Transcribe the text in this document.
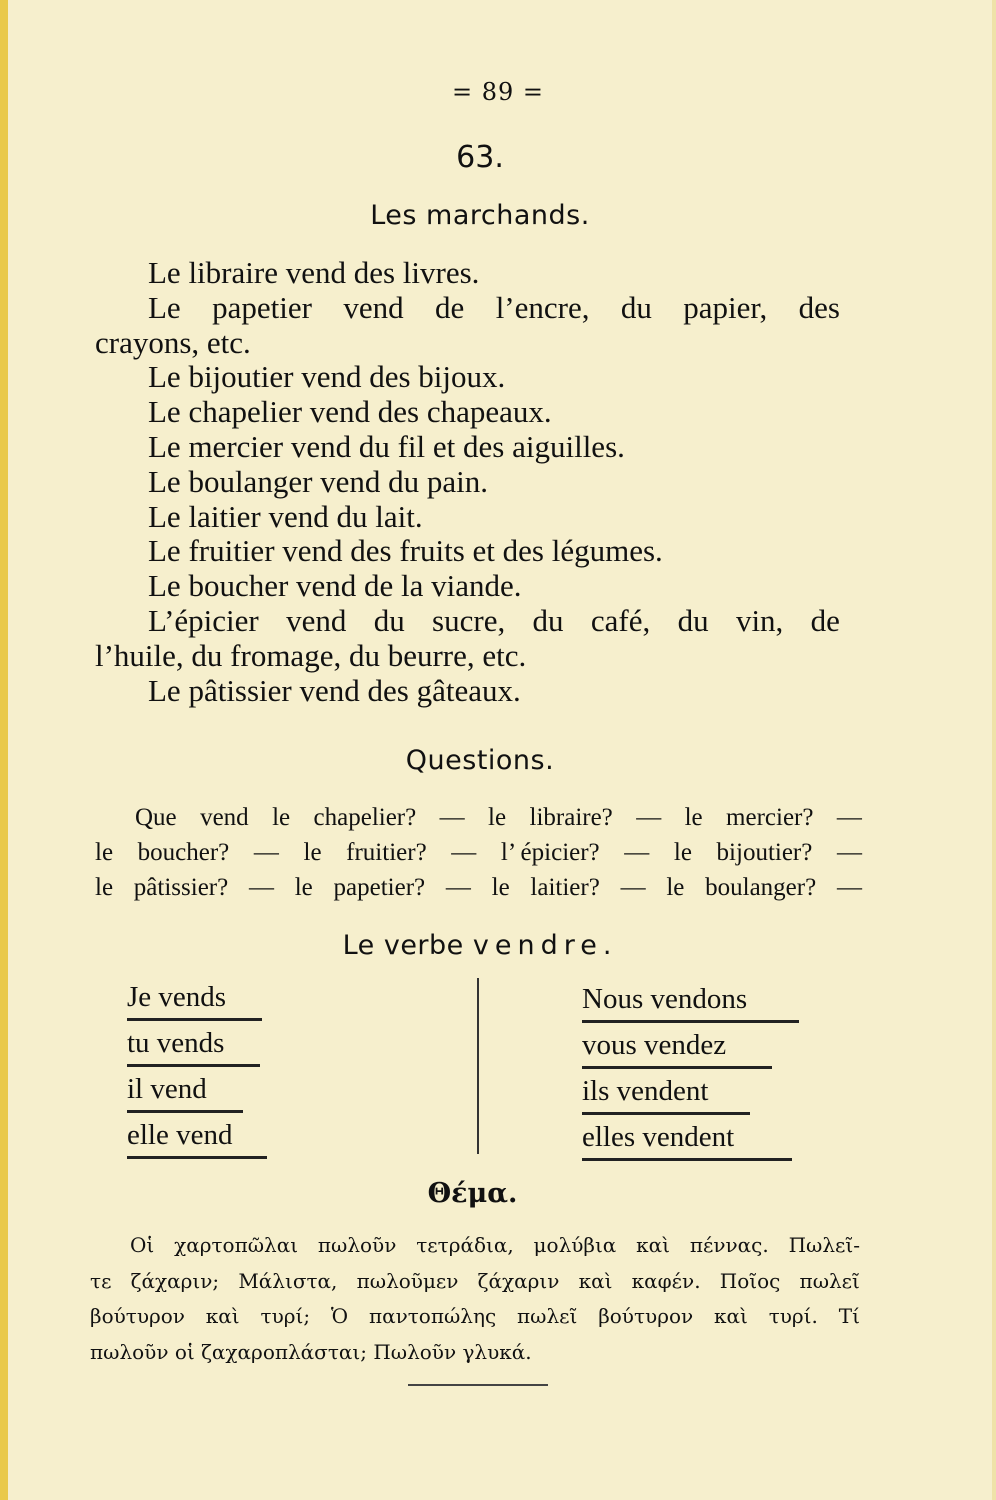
= 89 =
63.
Les marchands.
Le libraire vend des livres.
Le papetier vend de l’encre, du papier, des
crayons, etc.
Le bijoutier vend des bijoux.
Le chapelier vend des chapeaux.
Le mercier vend du fil et des aiguilles.
Le boulanger vend du pain.
Le laitier vend du lait.
Le fruitier vend des fruits et des légumes.
Le boucher vend de la viande.
L’épicier vend du sucre, du café, du vin, de
l’huile, du fromage, du beurre, etc.
Le pâtissier vend des gâteaux.
Questions.
Que vend le chapelier? — le libraire? — le mercier? —
le boucher? — le fruitier? — l’ épicier? — le bijoutier? —
le pâtissier? — le papetier? — le laitier? — le boulanger? —
Le verbe vendre.
Je vends
tu vends
il vend
elle vend
Nous vendons
vous vendez
ils vendent
elles vendent
Θέμα.
Οἱ χαρτοπῶλαι πωλοῦν τετράδια, μολύβια καὶ πέννας. Πωλεῖ-
τε ζάχαριν; Μάλιστα, πωλοῦμεν ζάχαριν καὶ καφέν. Ποῖος πωλεῖ
βούτυρον καὶ τυρί; Ὁ παντοπώλης πωλεῖ βούτυρον καὶ τυρί. Τί
πωλοῦν οἱ ζαχαροπλάσται; Πωλοῦν γλυκά.
